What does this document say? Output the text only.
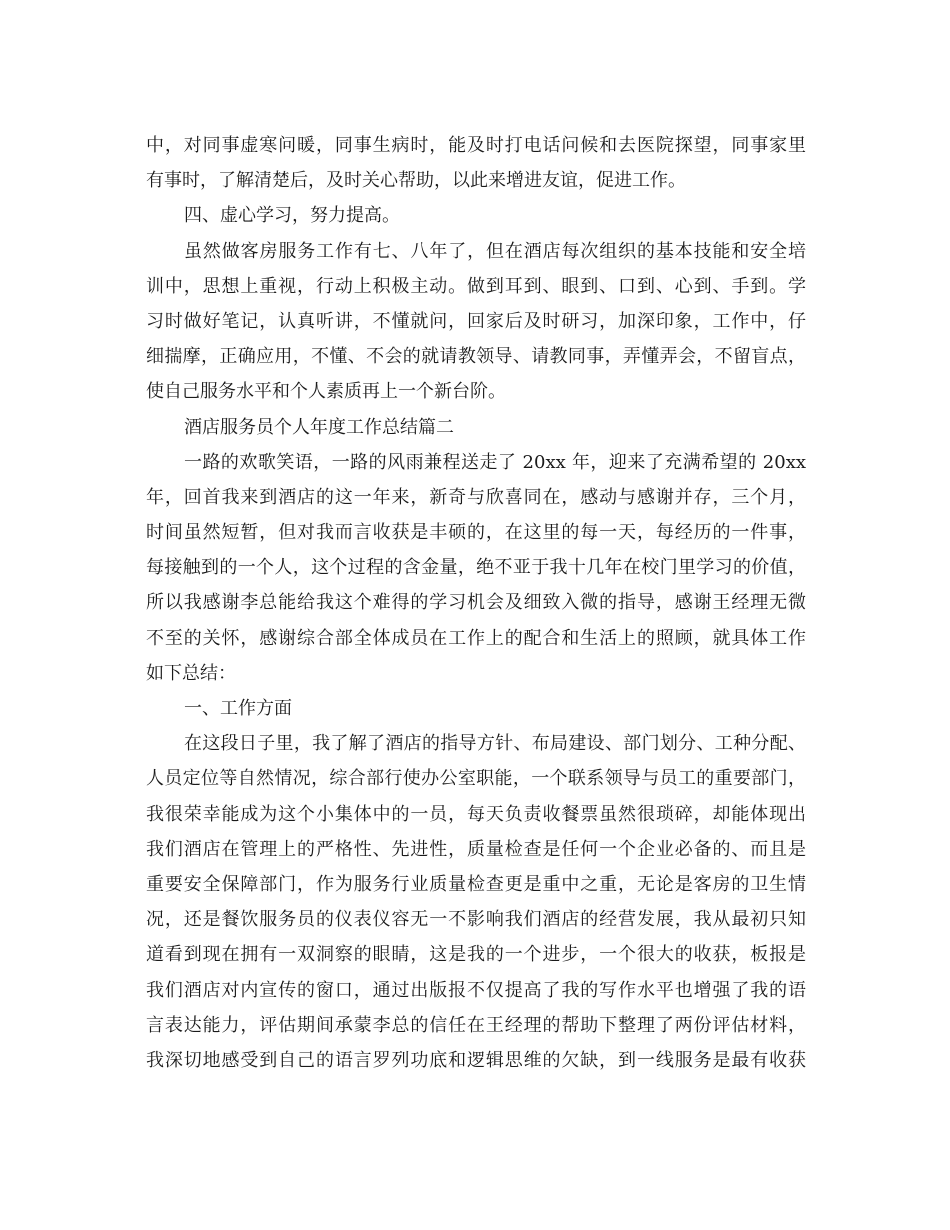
中，对同事虚寒问暖，同事生病时，能及时打电话问候和去医院探望，同事家里
有事时，了解清楚后，及时关心帮助，以此来增进友谊，促进工作。
四、虚心学习，努力提高。
虽然做客房服务工作有七、八年了，但在酒店每次组织的基本技能和安全培
训中，思想上重视，行动上积极主动。做到耳到、眼到、口到、心到、手到。学
习时做好笔记，认真听讲，不懂就问，回家后及时研习，加深印象，工作中，仔
细揣摩，正确应用，不懂、不会的就请教领导、请教同事，弄懂弄会，不留盲点，
使自己服务水平和个人素质再上一个新台阶。
酒店服务员个人年度工作总结篇二
一路的欢歌笑语，一路的风雨兼程送走了 20xx 年，迎来了充满希望的 20xx
年，回首我来到酒店的这一年来，新奇与欣喜同在，感动与感谢并存，三个月，
时间虽然短暂，但对我而言收获是丰硕的，在这里的每一天，每经历的一件事，
每接触到的一个人，这个过程的含金量，绝不亚于我十几年在校门里学习的价值，
所以我感谢李总能给我这个难得的学习机会及细致入微的指导，感谢王经理无微
不至的关怀，感谢综合部全体成员在工作上的配合和生活上的照顾，就具体工作
如下总结：
一、工作方面
在这段日子里，我了解了酒店的指导方针、布局建设、部门划分、工种分配、
人员定位等自然情况，综合部行使办公室职能，一个联系领导与员工的重要部门，
我很荣幸能成为这个小集体中的一员，每天负责收餐票虽然很琐碎，却能体现出
我们酒店在管理上的严格性、先进性，质量检查是任何一个企业必备的、而且是
重要安全保障部门，作为服务行业质量检查更是重中之重，无论是客房的卫生情
况，还是餐饮服务员的仪表仪容无一不影响我们酒店的经营发展，我从最初只知
道看到现在拥有一双洞察的眼睛，这是我的一个进步，一个很大的收获，板报是
我们酒店对内宣传的窗口，通过出版报不仅提高了我的写作水平也增强了我的语
言表达能力，评估期间承蒙李总的信任在王经理的帮助下整理了两份评估材料，
我深切地感受到自己的语言罗列功底和逻辑思维的欠缺，到一线服务是最有收获
